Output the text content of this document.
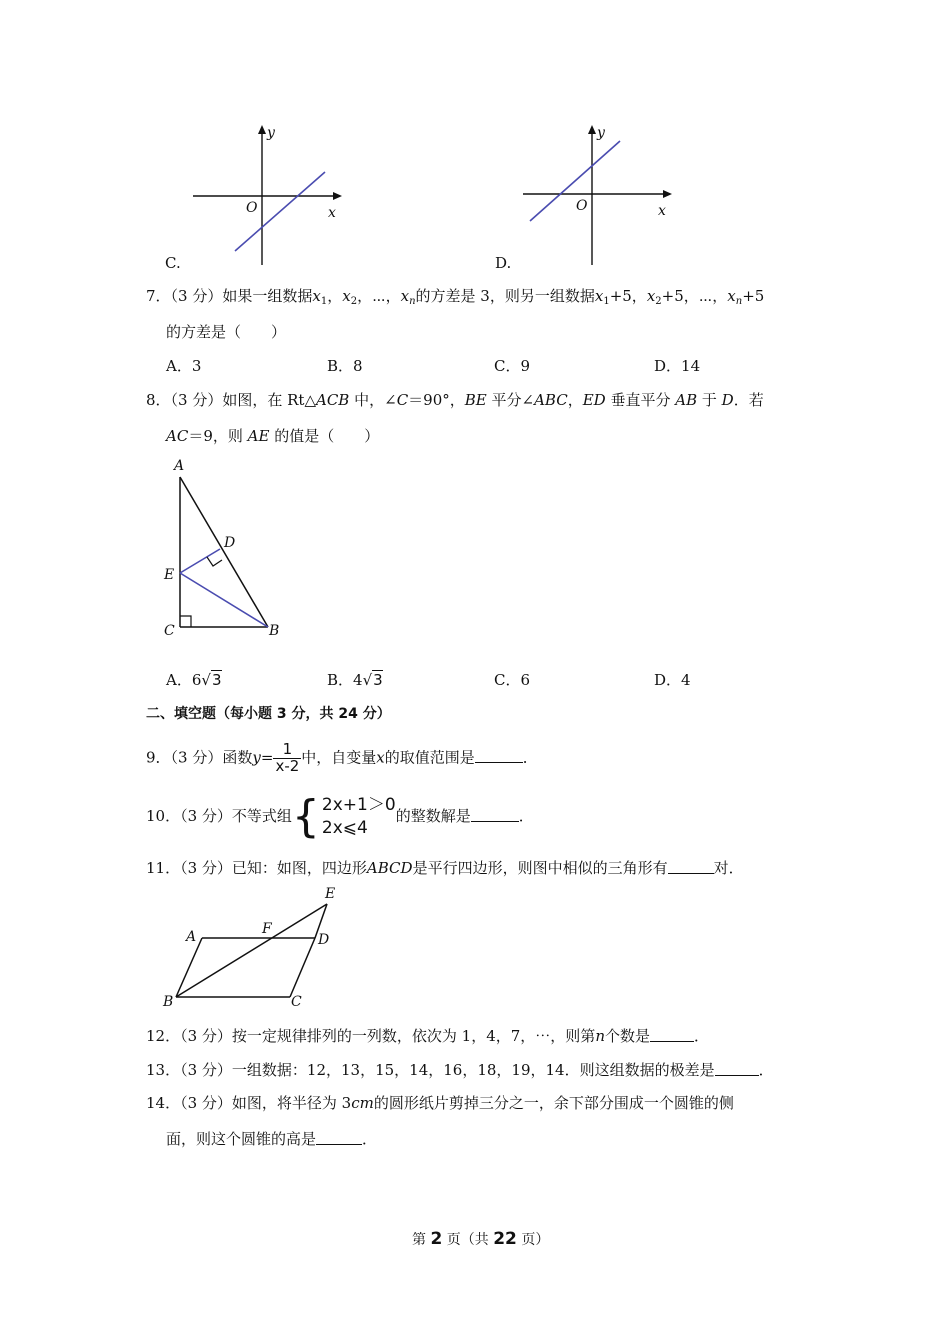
y
O	x
C.
y
O	x
D.
7．（3 分）如果一组数据$x_1$，$x_2$，⋯，$x_n$的方差是 3，则另一组数据$x_1+5$，$x_2+5$，⋯，$x_n+5$
的方差是（　　）
A．3	B．8	C．9	D．14
8．（3 分）如图，在 Rt△ACB 中，∠C＝90°，BE 平分∠ABC，ED 垂直平分 AB 于 D．若
AC＝9，则 AE 的值是（　　）
A
D
E
C	B
A．6√3	B．4√3	C．6	D．4
二、填空题（每小题 3 分，共 24 分）
9．（3 分）函数$y= \frac{1}{x-2}$ 中，自变量x的取值范围是	．
10．（3 分）不等式组{ 2x+1＞0
2x⩽4
的整数解是	．
11．（3 分）已知：如图，四边形ABCD是平行四边形，则图中相似的三角形有	对．
E
A	F
D
B	C
12．（3 分）按一定规律排列的一列数，依次为 1，4，7，⋯，则第n个数是	．
13．（3 分）一组数据：12，13，15，14，16，18，19，14．则这组数据的极差是	．
14．（3 分）如图，将半径为 3cm的圆形纸片剪掉三分之一，余下部分围成一个圆锥的侧
面，则这个圆锥的高是	．
第 2 页（共 22 页）
